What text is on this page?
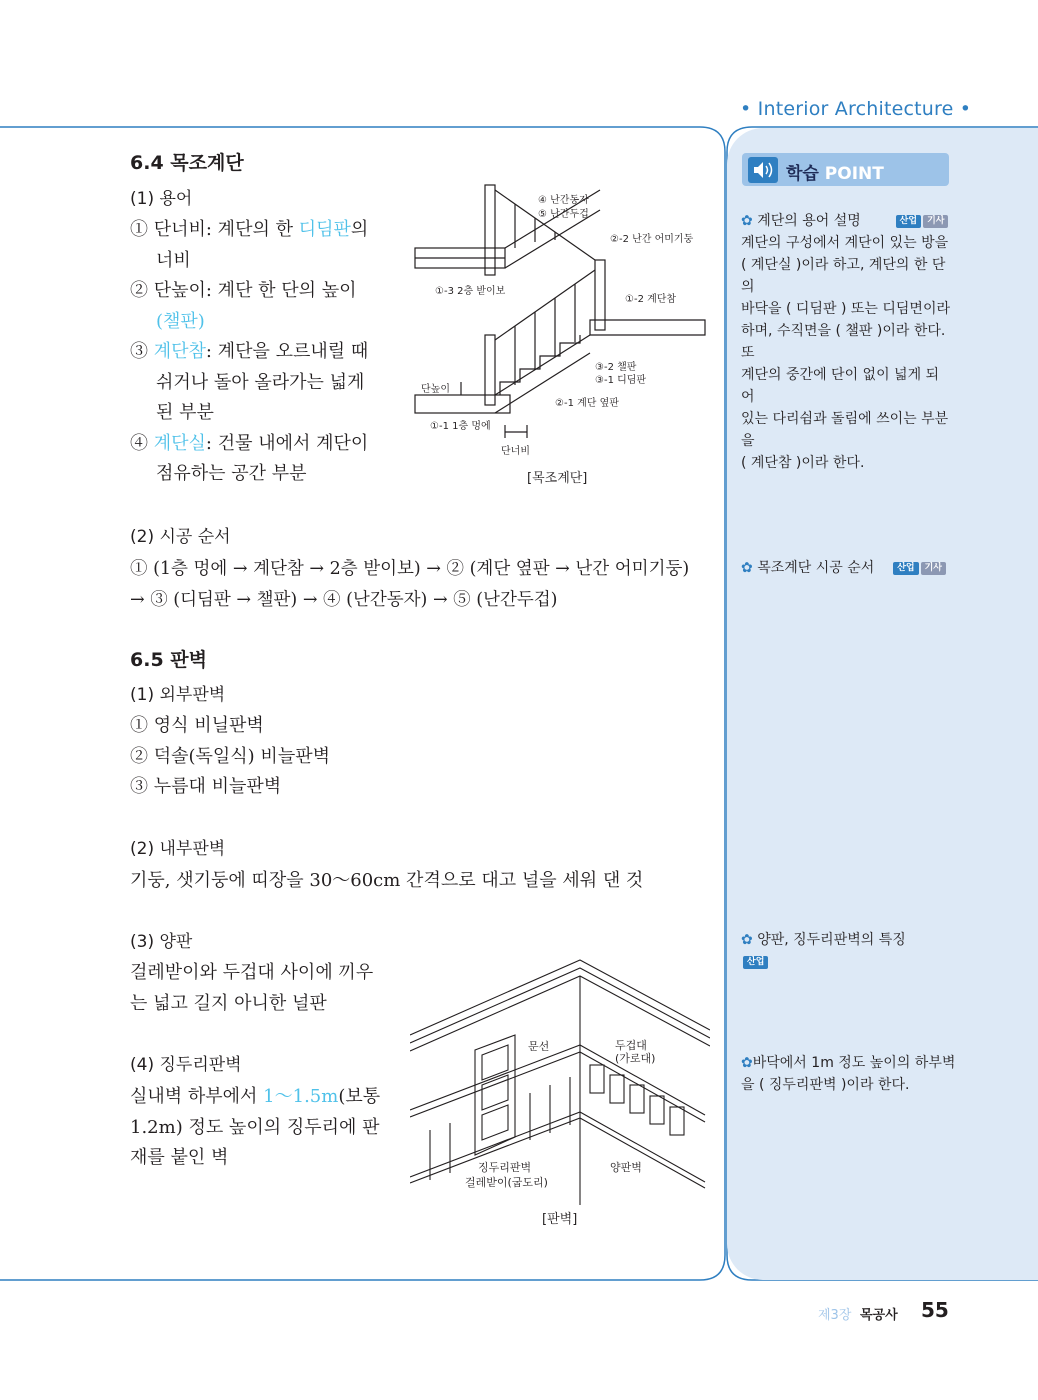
• Interior Architecture •
6.4 목조계단
(1) 용어
① 단너비: 계단의 한 디딤판의
너비
② 단높이: 계단 한 단의 높이
(챌판)
③ 계단참: 계단을 오르내릴 때
쉬거나 돌아 올라가는 넓게
된 부분
④ 계단실: 건물 내에서 계단이
점유하는 공간 부분
④ 난간동자
⑤ 난간두겁
②-2 난간 어미기둥
①-3 2층 받이보
①-2 계단참
③-2 챌판
③-1 디딤판
②-1 계단 옆판
①-1 1층 멍에
단높이
단너비
[목조계단]
(2) 시공 순서
① (1층 멍에 → 계단참 → 2층 받이보) → ② (계단 옆판 → 난간 어미기둥)
→ ③ (디딤판 → 챌판) → ④ (난간동자) → ⑤ (난간두겁)
6.5 판벽
(1) 외부판벽
① 영식 비닐판벽
② 덕솔(독일식) 비늘판벽
③ 누름대 비늘판벽
(2) 내부판벽
기둥, 샛기둥에 띠장을 30～60cm 간격으로 대고 널을 세워 댄 것
(3) 양판
걸레받이와 두겁대 사이에 끼우
는 넓고 길지 아니한 널판
(4) 징두리판벽
실내벽 하부에서 1～1.5m(보통
1.2m) 정도 높이의 징두리에 판
재를 붙인 벽
문선	두겁대
(가로대)
징두리판벽
걸레받이(굽도리)
양판벽
[판벽]
학습 POINT
✿ 계단의 용어 설명	산업 기사
계단의 구성에서 계단이 있는 방을
( 계단실 )이라 하고, 계단의 한 단의
바닥을 ( 디딤판 ) 또는 디딤면이라
하며, 수직면을 ( 챌판 )이라 한다. 또
계단의 중간에 단이 없이 넓게 되어
있는 다리쉼과 돌림에 쓰이는 부분을
( 계단참 )이라 한다.
✿ 목조계단 시공 순서	산업 기사
✿ 양판, 징두리판벽의 특징  산업
✿바닥에서 1m 정도 높이의 하부벽
을 ( 징두리판벽 )이라 한다.
제3장 목공사 55
